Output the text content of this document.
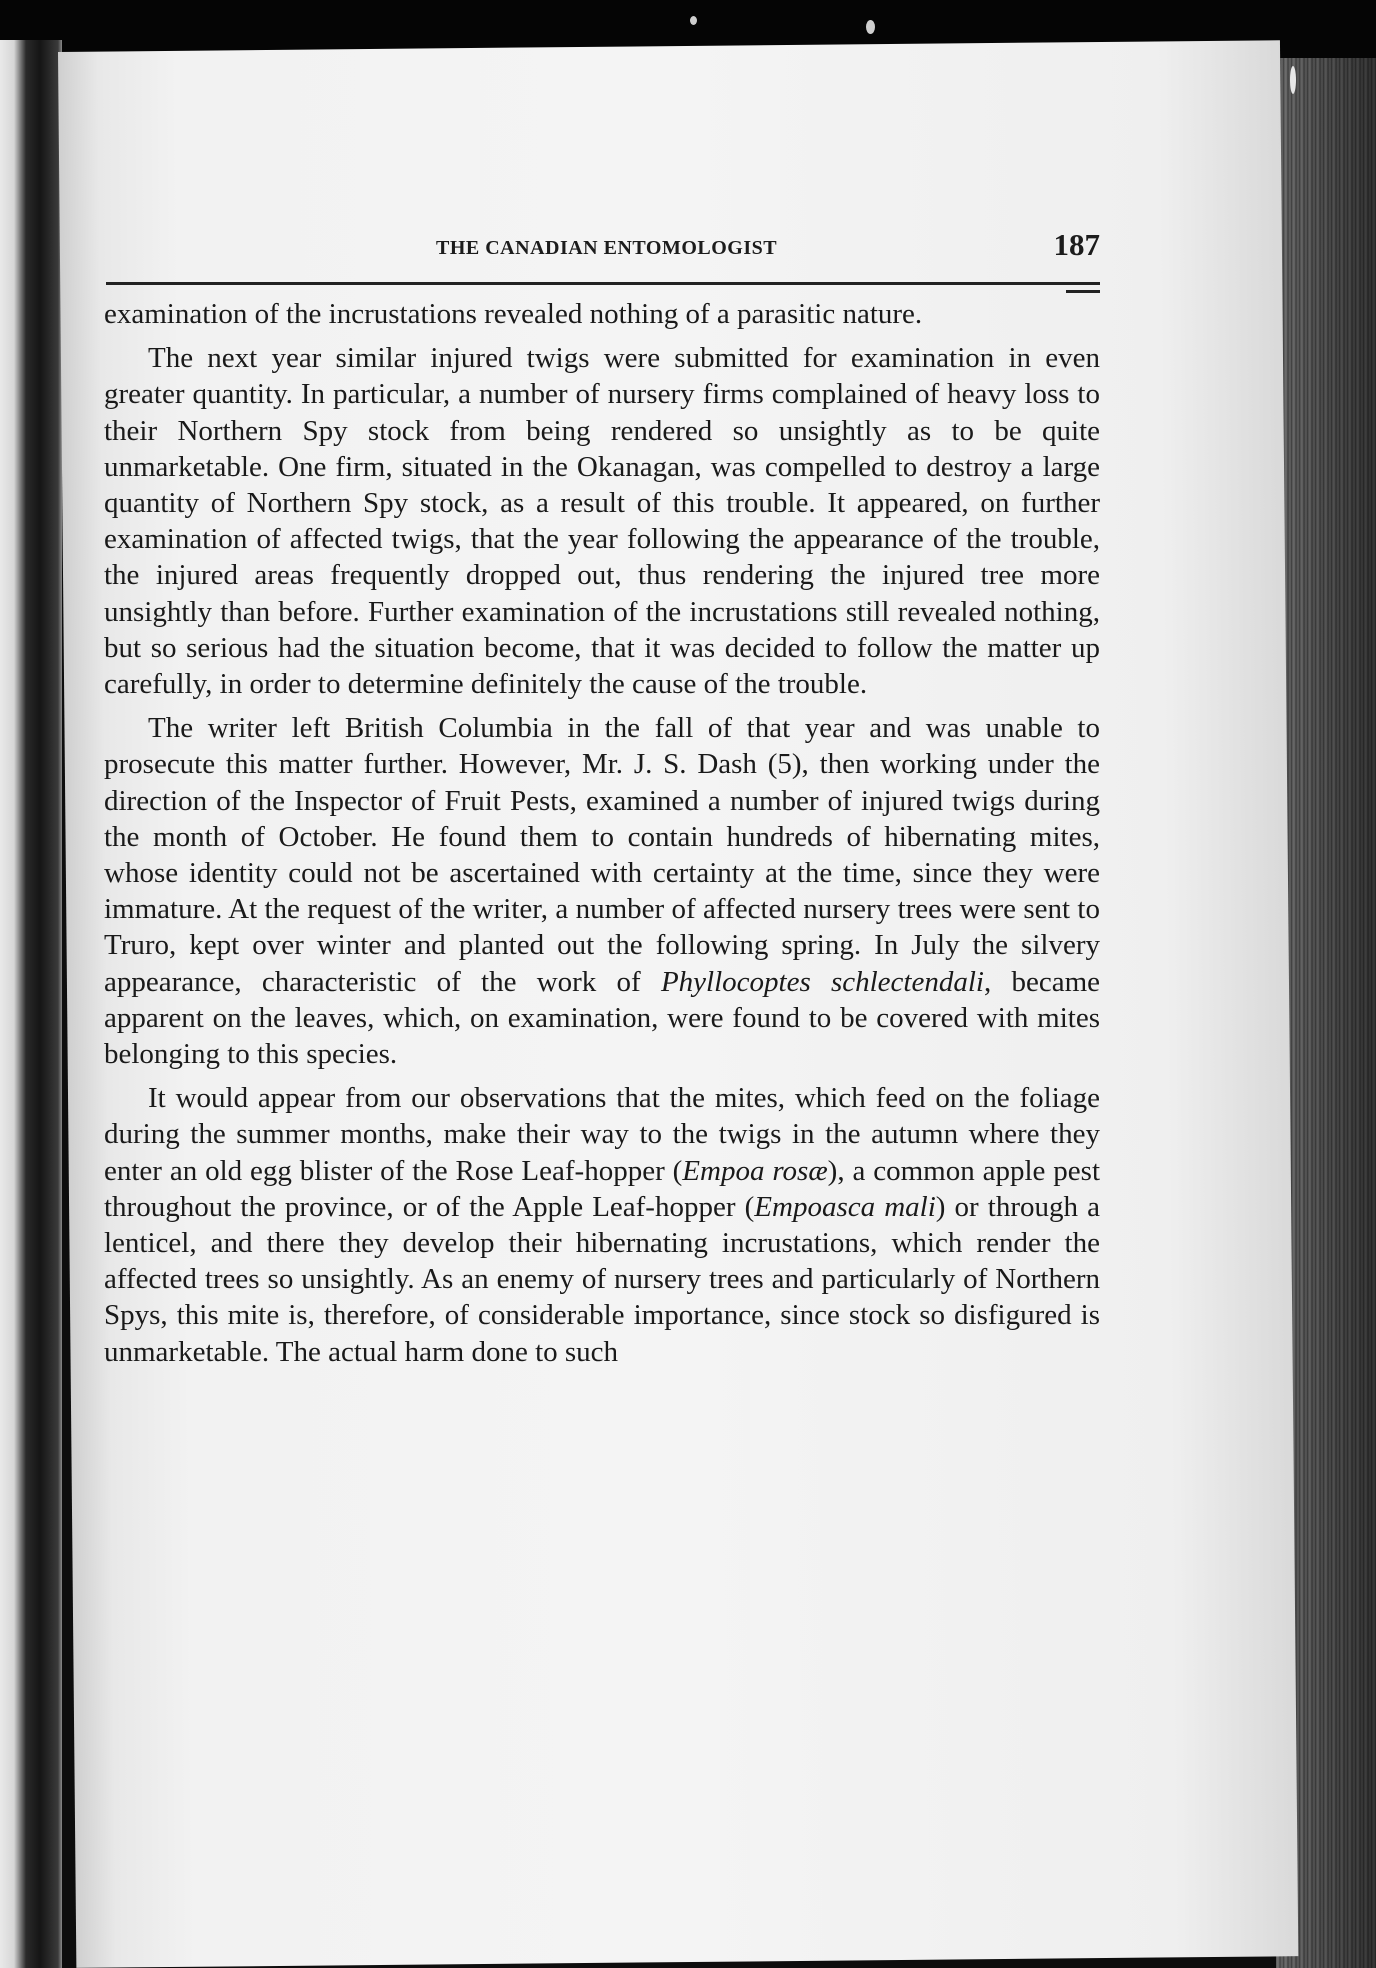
THE CANADIAN ENTOMOLOGIST	187

examination of the incrustations revealed nothing of a parasitic nature.

The next year similar injured twigs were submitted for examination in even greater quantity. In particular, a number of nursery firms complained of heavy loss to their Northern Spy stock from being rendered so unsightly as to be quite unmarketable. One firm, situated in the Okanagan, was compelled to destroy a large quantity of Northern Spy stock, as a result of this trouble. It appeared, on further examination of affected twigs, that the year following the appearance of the trouble, the injured areas frequently dropped out, thus rendering the injured tree more unsightly than before. Further examination of the incrustations still revealed nothing, but so serious had the situation become, that it was decided to follow the matter up carefully, in order to determine definitely the cause of the trouble.

The writer left British Columbia in the fall of that year and was unable to prosecute this matter further. However, Mr. J. S. Dash (5), then working under the direction of the Inspector of Fruit Pests, examined a number of injured twigs during the month of October. He found them to contain hundreds of hibernating mites, whose identity could not be ascertained with certainty at the time, since they were immature. At the request of the writer, a number of affected nursery trees were sent to Truro, kept over winter and planted out the following spring. In July the silvery appearance, characteristic of the work of Phyllocoptes schlectendali, became apparent on the leaves, which, on examination, were found to be covered with mites belonging to this species.

It would appear from our observations that the mites, which feed on the foliage during the summer months, make their way to the twigs in the autumn where they enter an old egg blister of the Rose Leaf-hopper (Empoa rosæ), a common apple pest throughout the province, or of the Apple Leaf-hopper (Empoasca mali) or through a lenticel, and there they develop their hibernating incrustations, which render the affected trees so unsightly. As an enemy of nursery trees and particularly of Northern Spys, this mite is, therefore, of considerable importance, since stock so disfigured is unmarketable. The actual harm done to such
